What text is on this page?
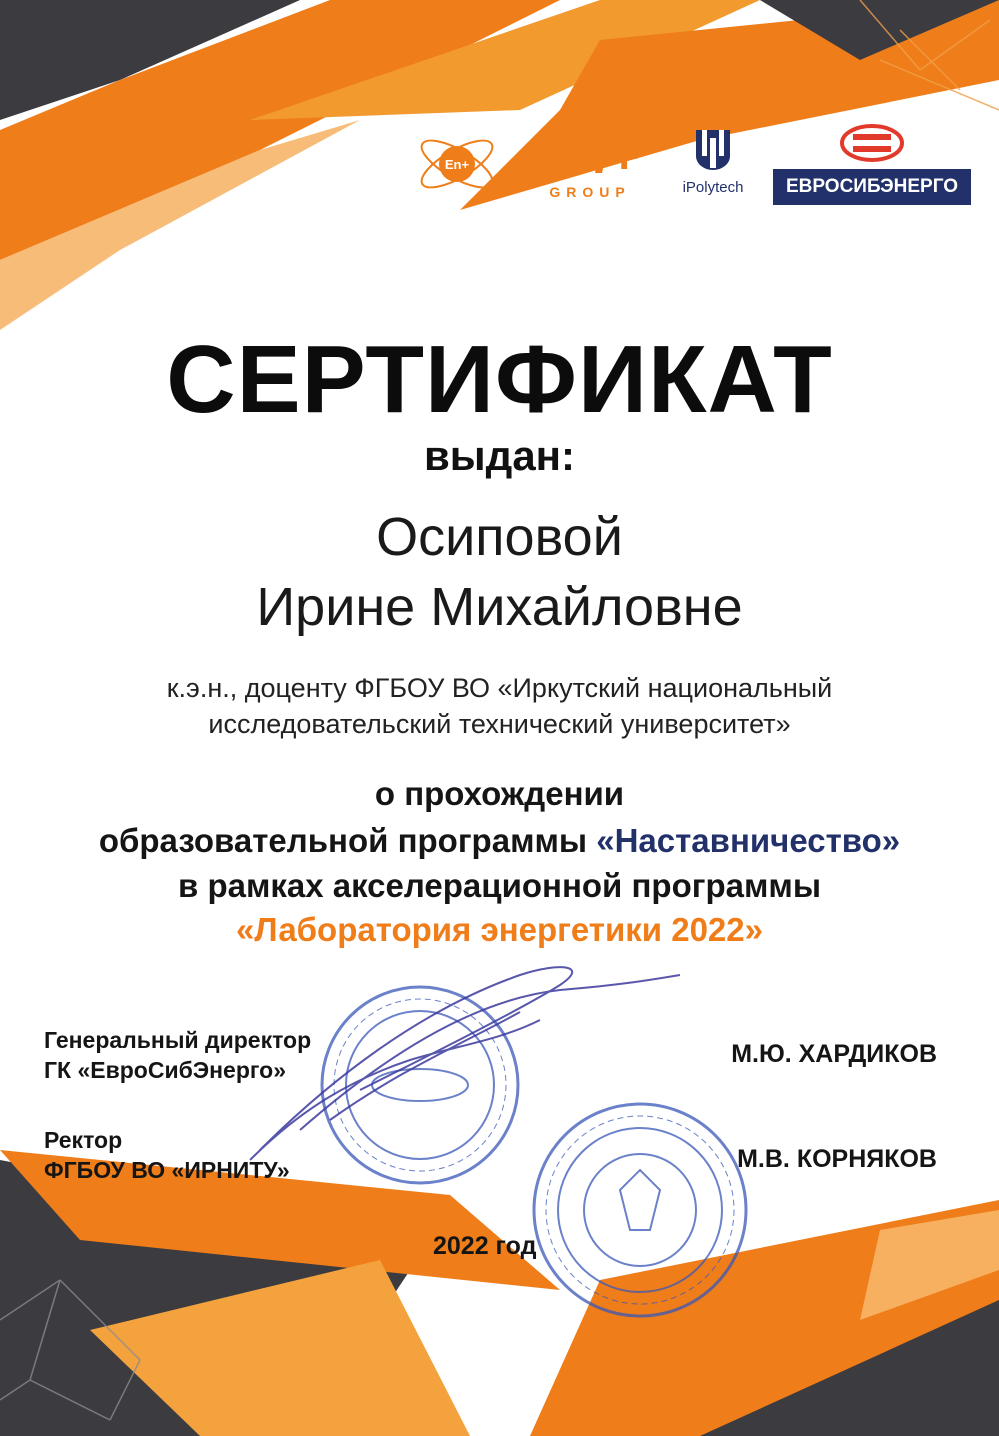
En+ En+
GROUP	iPolytech	ЕВРОСИБЭНЕРГО
СЕРТИФИКАТ
выдан:
Осиповой
Ирине Михайловне
к.э.н., доценту ФГБОУ ВО «Иркутский национальный
исследовательский технический университет»
о прохождении
образовательной программы «Наставничество»
в рамках акселерационной программы
«Лаборатория энергетики 2022»
Генеральный директор
ГК «ЕвроСибЭнерго»
М.Ю. ХАРДИКОВ
Ректор
ФГБОУ ВО «ИРНИТУ»	М.В. КОРНЯКОВ
2022 год
